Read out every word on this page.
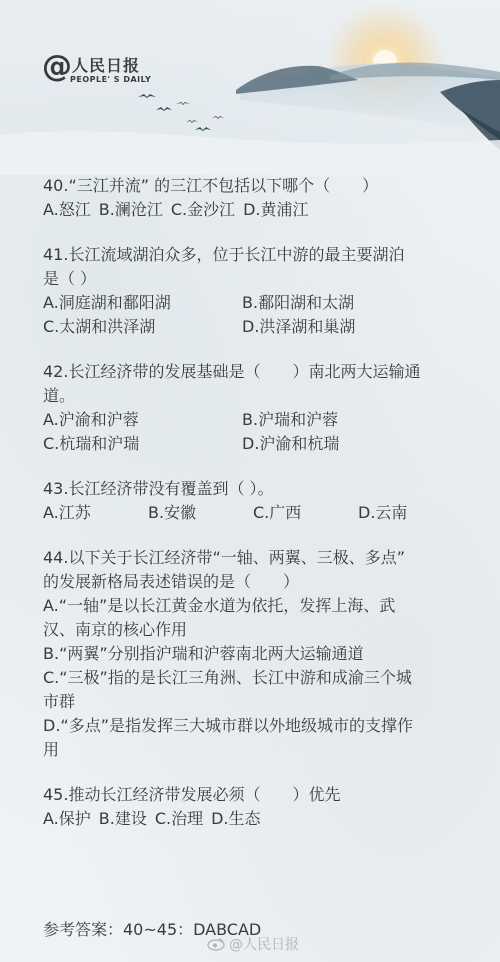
@ 人民日报
PEOPLE' S DAILY

40.“三江并流” 的三江不包括以下哪个（　　）

A.怒江 B.澜沧江 C.金沙江 D.黄浦江

41.长江流域湖泊众多，位于长江中游的最主要湖泊

是（ ）

A.洞庭湖和鄱阳湖	B.鄱阳湖和太湖
C.太湖和洪泽湖	D.洪泽湖和巢湖

42.长江经济带的发展基础是（　　）南北两大运输通

道。

A.沪渝和沪蓉	B.沪瑞和沪蓉
C.杭瑞和沪瑞	D.沪渝和杭瑞

43.长江经济带没有覆盖到（ ）。

A.江苏	B.安徽	C.广西	D.云南

44.以下关于长江经济带“一轴、两翼、三极、多点”

的发展新格局表述错误的是（　　）

A.“一轴”是以长江黄金水道为依托，发挥上海、武

汉、南京的核心作用

B.“两翼”分别指沪瑞和沪蓉南北两大运输通道

C.“三极”指的是长江三角洲、长江中游和成渝三个城

市群

D.“多点”是指发挥三大城市群以外地级城市的支撑作

用

45.推动长江经济带发展必须（　　）优先

A.保护 B.建设 C.治理 D.生态
参考答案：40~45：DABCAD
@人民日报
